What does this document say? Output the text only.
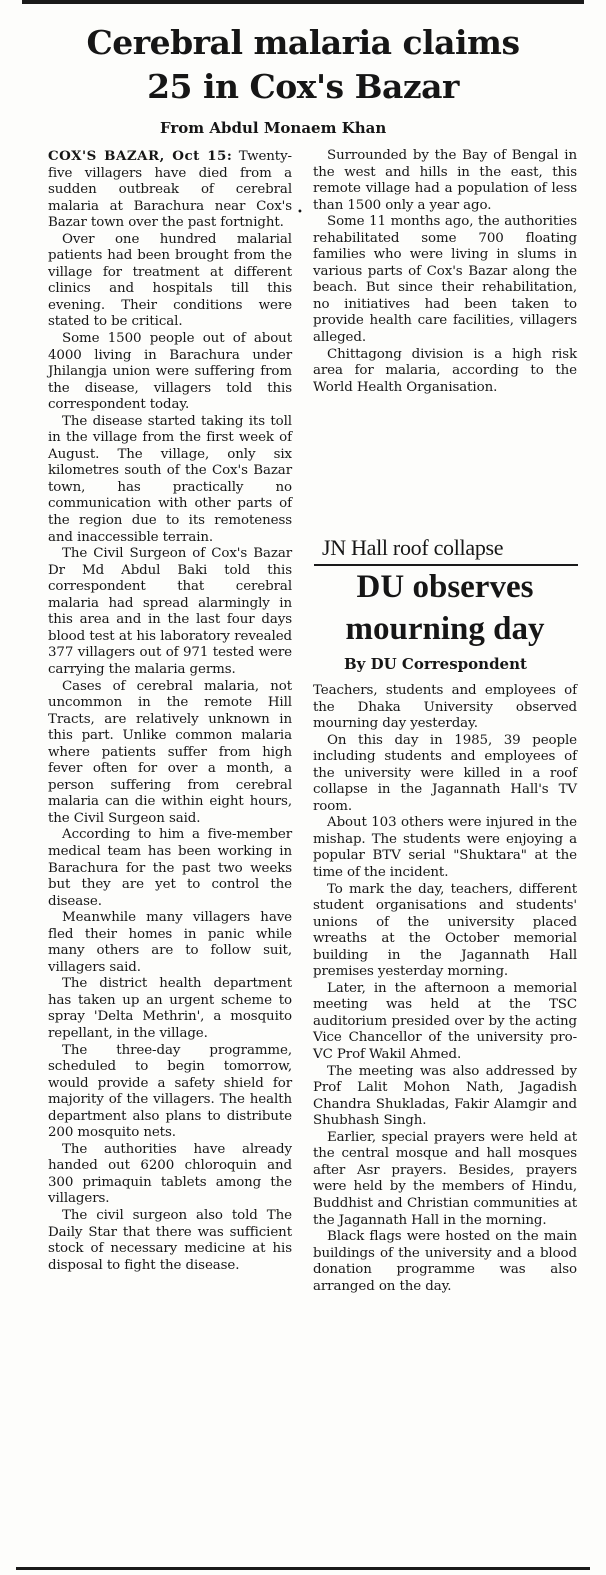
Cerebral malaria claims
25 in Cox's Bazar

From Abdul Monaem Khan

COX'S BAZAR, Oct 15: Twenty-five villagers have died from a sudden outbreak of cerebral malaria at Barachura near Cox's Bazar town over the past fortnight.

Over one hundred malarial patients had been brought from the village for treatment at different clinics and hospitals till this evening. Their conditions were stated to be critical.

Some 1500 people out of about 4000 living in Barachura under Jhilangja union were suffering from the disease, villagers told this correspondent today.

The disease started taking its toll in the village from the first week of August. The village, only six kilometres south of the Cox's Bazar town, has practically no communication with other parts of the region due to its remoteness and inaccessible terrain.

The Civil Surgeon of Cox's Bazar Dr Md Abdul Baki told this correspondent that cerebral malaria had spread alarmingly in this area and in the last four days blood test at his laboratory revealed 377 villagers out of 971 tested were carrying the malaria germs.

Cases of cerebral malaria, not uncommon in the remote Hill Tracts, are relatively unknown in this part. Unlike common malaria where patients suffer from high fever often for over a month, a person suffering from cerebral malaria can die within eight hours, the Civil Surgeon said.

According to him a five-member medical team has been working in Barachura for the past two weeks but they are yet to control the disease.

Meanwhile many villagers have fled their homes in panic while many others are to follow suit, villagers said.

The district health department has taken up an urgent scheme to spray 'Delta Methrin', a mosquito repellant, in the village.

The three-day programme, scheduled to begin tomorrow, would provide a safety shield for majority of the villagers. The health department also plans to distribute 200 mosquito nets.

The authorities have already handed out 6200 chloroquin and 300 primaquin tablets among the villagers.

The civil surgeon also told The Daily Star that there was sufficient stock of necessary medicine at his disposal to fight the disease.

•

Surrounded by the Bay of Bengal in the west and hills in the east, this remote village had a population of less than 1500 only a year ago.

Some 11 months ago, the authorities rehabilitated some 700 floating families who were living in slums in various parts of Cox's Bazar along the beach. But since their rehabilitation, no initiatives had been taken to provide health care facilities, villagers alleged.

Chittagong division is a high risk area for malaria, according to the World Health Organisation.

JN Hall roof collapse

DU observes
mourning day

By DU Correspondent

Teachers, students and employees of the Dhaka University observed mourning day yesterday.

On this day in 1985, 39 people including students and employees of the university were killed in a roof collapse in the Jagannath Hall's TV room.

About 103 others were injured in the mishap. The students were enjoying a popular BTV serial "Shuktara" at the time of the incident.

To mark the day, teachers, different student organisations and students' unions of the university placed wreaths at the October memorial building in the Jagannath Hall premises yesterday morning.

Later, in the afternoon a memorial meeting was held at the TSC auditorium presided over by the acting Vice Chancellor of the university pro-VC Prof Wakil Ahmed.

The meeting was also addressed by Prof Lalit Mohon Nath, Jagadish Chandra Shukladas, Fakir Alamgir and Shubhash Singh.

Earlier, special prayers were held at the central mosque and hall mosques after Asr prayers. Besides, prayers were held by the members of Hindu, Buddhist and Christian communities at the Jagannath Hall in the morning.

Black flags were hosted on the main buildings of the university and a blood donation programme was also arranged on the day.
